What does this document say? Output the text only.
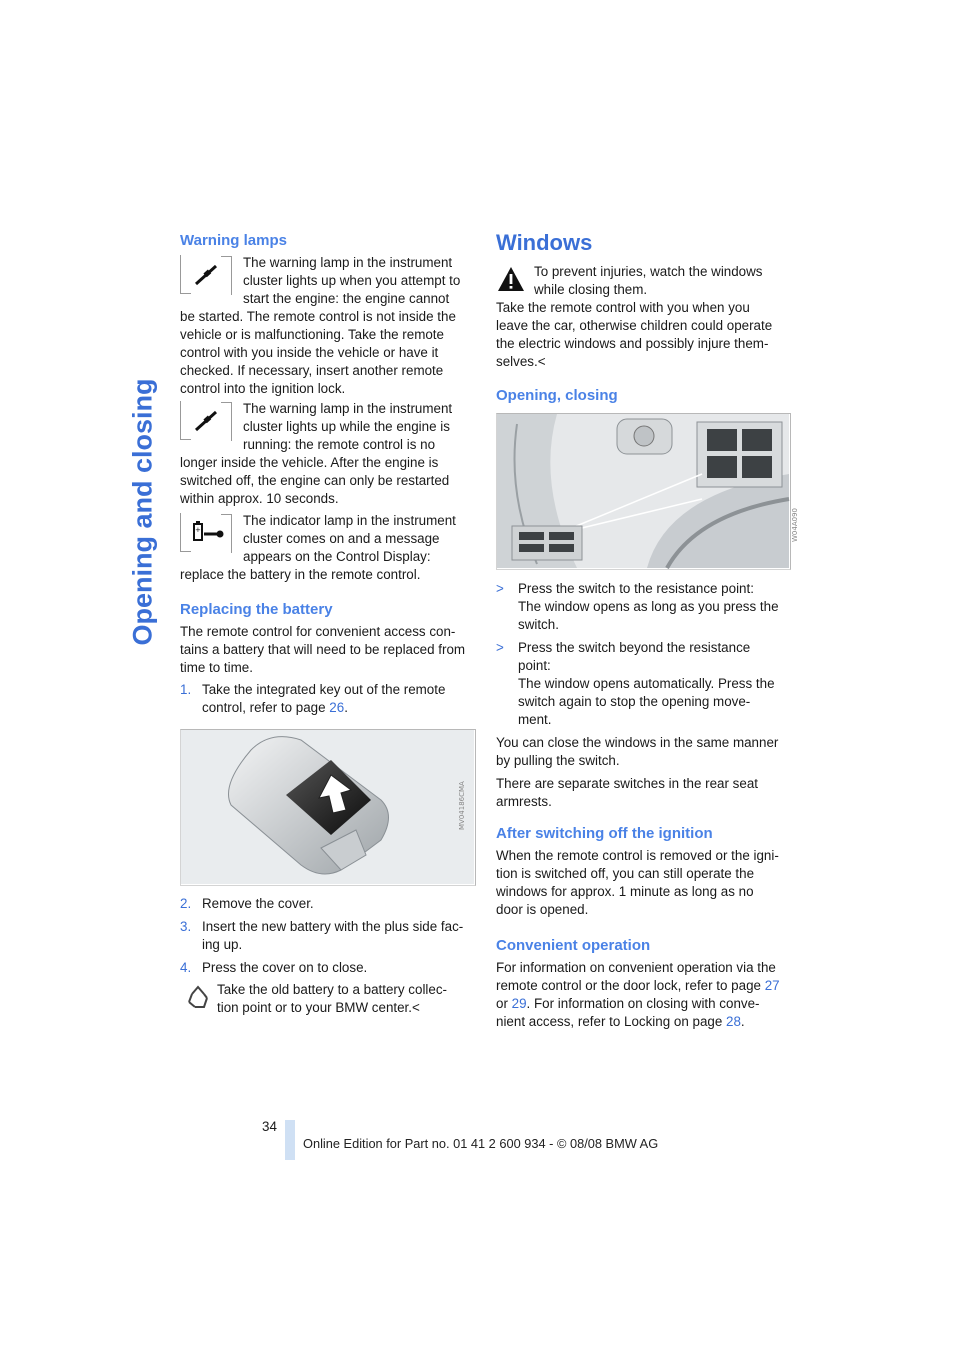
Opening and closing

Warning lamps

The warning lamp in the instrument

cluster lights up when you attempt to

start the engine: the engine cannot

be started. The remote control is not inside the

vehicle or is malfunctioning. Take the remote

control with you inside the vehicle or have it

checked. If necessary, insert another remote

control into the ignition lock.

The warning lamp in the instrument

cluster lights up while the engine is

running: the remote control is no

longer inside the vehicle. After the engine is

switched off, the engine can only be restarted

within approx. 10 seconds.

+

The indicator lamp in the instrument

cluster comes on and a message

appears on the Control Display:

replace the battery in the remote control.

Replacing the battery

The remote control for convenient access con-

tains a battery that will need to be replaced from

time to time.

1. Take the integrated key out of the remote

control, refer to page 26.

MV04186CMA

2. Remove the cover.

3. Insert the new battery with the plus side fac-

ing up.

4. Press the cover on to close.

Take the old battery to a battery collec-

tion point or to your BMW center.<

Windows

To prevent injuries, watch the windows

while closing them.

Take the remote control with you when you

leave the car, otherwise children could operate

the electric windows and possibly injure them-

selves.<

Opening, closing

W04A090

> Press the switch to the resistance point:

The window opens as long as you press the

switch.

> Press the switch beyond the resistance

point:

The window opens automatically. Press the

switch again to stop the opening move-

ment.

You can close the windows in the same manner

by pulling the switch.

There are separate switches in the rear seat

armrests.

After switching off the ignition

When the remote control is removed or the igni-

tion is switched off, you can still operate the

windows for approx. 1 minute as long as no

door is opened.

Convenient operation

For information on convenient operation via the

remote control or the door lock, refer to page 27

or 29. For information on closing with conve-

nient access, refer to Locking on page 28.

34
Online Edition for Part no. 01 41 2 600 934 - © 08/08 BMW AG
